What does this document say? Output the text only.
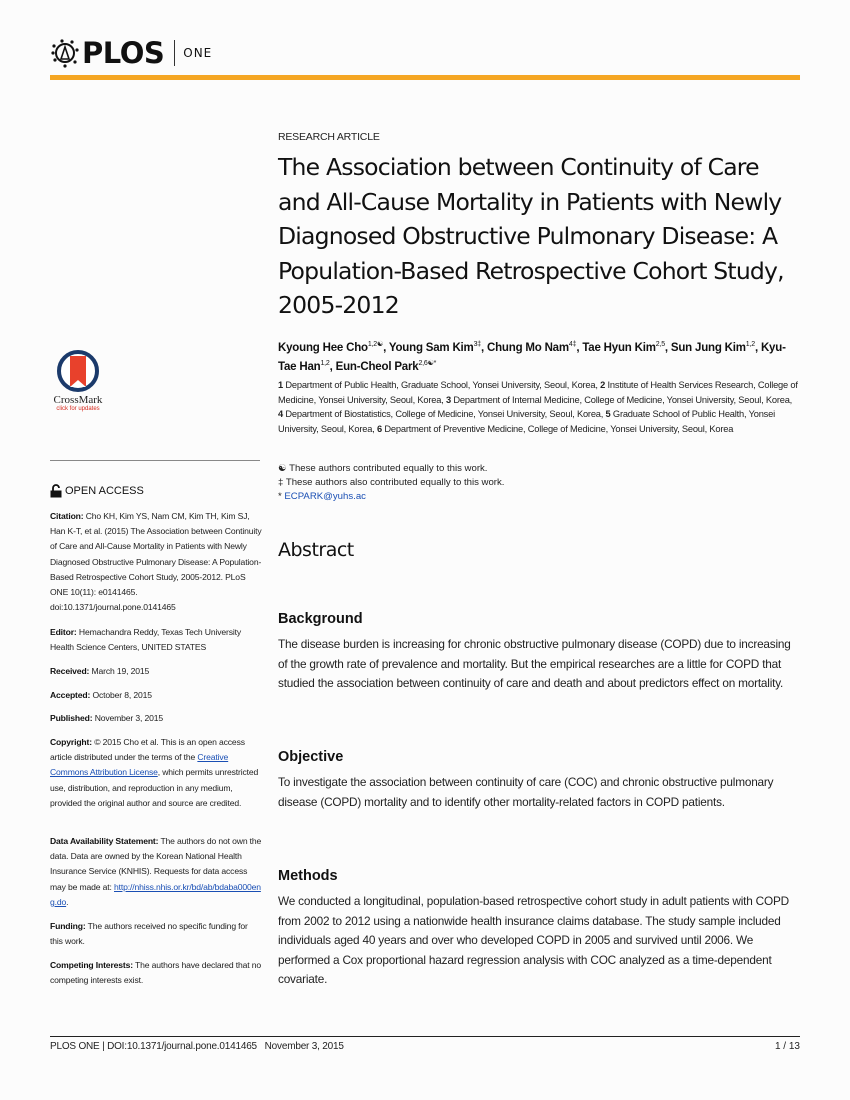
PLOS ONE
CrossMark
click for updates
OPEN ACCESS
Citation: Cho KH, Kim YS, Nam CM, Kim TH, Kim SJ, Han K-T, et al. (2015) The Association between Continuity of Care and All-Cause Mortality in Patients with Newly Diagnosed Obstructive Pulmonary Disease: A Population-Based Retrospective Cohort Study, 2005-2012. PLoS ONE 10(11): e0141465. doi:10.1371/journal.pone.0141465
Editor: Hemachandra Reddy, Texas Tech University Health Science Centers, UNITED STATES
Received: March 19, 2015
Accepted: October 8, 2015
Published: November 3, 2015
Copyright: © 2015 Cho et al. This is an open access article distributed under the terms of the Creative Commons Attribution License, which permits unrestricted use, distribution, and reproduction in any medium, provided the original author and source are credited.
Data Availability Statement: The authors do not own the data. Data are owned by the Korean National Health Insurance Service (KNHIS). Requests for data access may be made at: http://nhiss.nhis.or.kr/bd/ab/bdaba000eng.do.
Funding: The authors received no specific funding for this work.
Competing Interests: The authors have declared that no competing interests exist.
RESEARCH ARTICLE
The Association between Continuity of Care and All-Cause Mortality in Patients with Newly Diagnosed Obstructive Pulmonary Disease: A Population-Based Retrospective Cohort Study, 2005-2012
Kyoung Hee Cho$^{1,2☯}$, Young Sam Kim$^{3\ddagger}$, Chung Mo Nam$^{4\ddagger}$, Tae Hyun Kim$^{2,5}$, Sun Jung Kim$^{1,2}$, Kyu-Tae Han$^{1,2}$, Eun-Cheol Park$^{2,6☯*}$
1 Department of Public Health, Graduate School, Yonsei University, Seoul, Korea, 2 Institute of Health Services Research, College of Medicine, Yonsei University, Seoul, Korea, 3 Department of Internal Medicine, College of Medicine, Yonsei University, Seoul, Korea, 4 Department of Biostatistics, College of Medicine, Yonsei University, Seoul, Korea, 5 Graduate School of Public Health, Yonsei University, Seoul, Korea, 6 Department of Preventive Medicine, College of Medicine, Yonsei University, Seoul, Korea
☯ These authors contributed equally to this work.
‡ These authors also contributed equally to this work.
* ECPARK@yuhs.ac
Abstract
Background
The disease burden is increasing for chronic obstructive pulmonary disease (COPD) due to increasing of the growth rate of prevalence and mortality. But the empirical researches are a little for COPD that studied the association between continuity of care and death and about predictors effect on mortality.
Objective
To investigate the association between continuity of care (COC) and chronic obstructive pulmonary disease (COPD) mortality and to identify other mortality-related factors in COPD patients.
Methods
We conducted a longitudinal, population-based retrospective cohort study in adult patients with COPD from 2002 to 2012 using a nationwide health insurance claims database. The study sample included individuals aged 40 years and over who developed COPD in 2005 and survived until 2006. We performed a Cox proportional hazard regression analysis with COC analyzed as a time-dependent covariate.
PLOS ONE | DOI:10.1371/journal.pone.0141465   November 3, 2015	1 / 13
